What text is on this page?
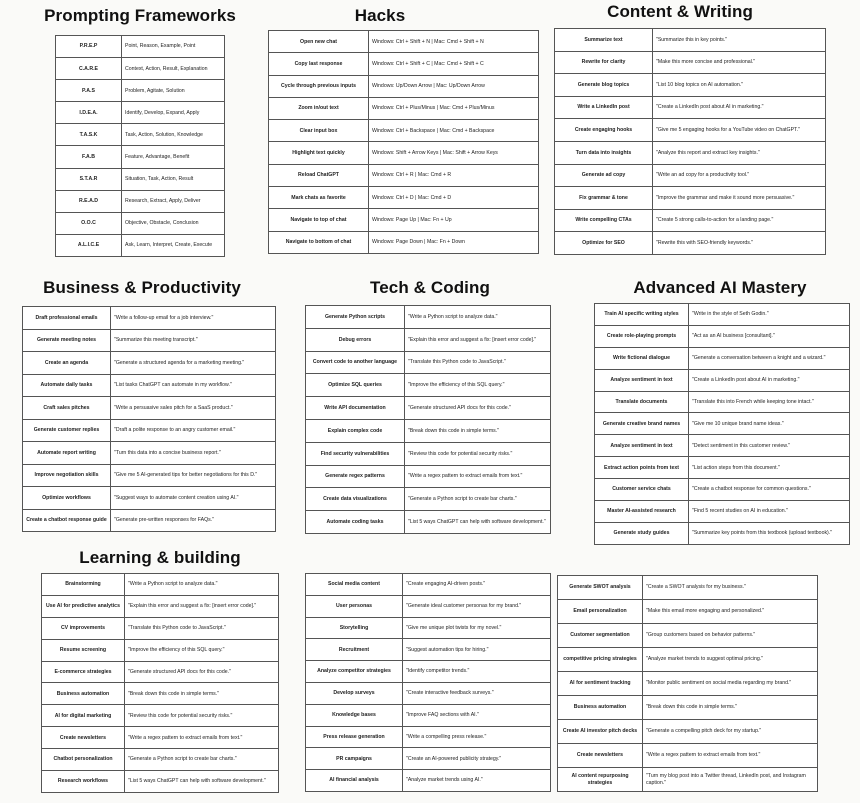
Prompting Frameworks	Hacks	Content & Writing
Business & Productivity	Tech & Coding	Advanced AI Mastery
Learning & building
P.R.E.P	Point, Reason, Example, Point
C.A.R.E	Context, Action, Result, Explanation
P.A.S	Problem, Agitate, Solution
I.D.E.A.	Identify, Develop, Expand, Apply
T.A.S.K	Task, Action, Solution, Knowledge
F.A.B	Feature, Advantage, Benefit
S.T.A.R	Situation, Task, Action, Result
R.E.A.D	Research, Extract, Apply, Deliver
O.O.C	Objective, Obstacle, Conclusion
A.L.I.C.E	Ask, Learn, Interpret, Create, Execute
Open new chat	Windows: Ctrl + Shift + N | Mac: Cmd + Shift + N
Copy last response	Windows: Ctrl + Shift + C | Mac: Cmd + Shift + C
Cycle through previous inputs	Windows: Up/Down Arrow | Mac: Up/Down Arrow
Zoom in/out text	Windows: Ctrl + Plus/Minus | Mac: Cmd + Plus/Minus
Clear input box	Windows: Ctrl + Backspace | Mac: Cmd + Backspace
Highlight text quickly	Windows: Shift + Arrow Keys | Mac: Shift + Arrow Keys
Reload ChatGPT	Windows: Ctrl + R | Mac: Cmd + R
Mark chats as favorite	Windows: Ctrl + D | Mac: Cmd + D
Navigate to top of chat	Windows: Page Up | Mac: Fn + Up
Navigate to bottom of chat	Windows: Page Down | Mac: Fn + Down
Summarize text	"Summarize this in key points."
Rewrite for clarity	"Make this more concise and professional."
Generate blog topics	"List 10 blog topics on AI automation."
Write a LinkedIn post	"Create a LinkedIn post about AI in marketing."
Create engaging hooks	"Give me 5 engaging hooks for a YouTube video on ChatGPT."
Turn data into insights	"Analyze this report and extract key insights."
Generate ad copy	"Write an ad copy for a productivity tool."
Fix grammar & tone	"Improve the grammar and make it sound more persuasive."
Write compelling CTAs	"Create 5 strong calls-to-action for a landing page."
Optimize for SEO	"Rewrite this with SEO-friendly keywords."
Draft professional emails	"Write a follow-up email for a job interview."
Generate meeting notes	"Summarize this meeting transcript."
Create an agenda	"Generate a structured agenda for a marketing meeting."
Automate daily tasks	"List tasks ChatGPT can automate in my workflow."
Craft sales pitches	"Write a persuasive sales pitch for a SaaS product."
Generate customer replies	"Draft a polite response to an angry customer email."
Automate report writing	"Turn this data into a concise business report."
Improve negotiation skills	"Give me 5 AI-generated tips for better negotiations for this D."
Optimize workflows	"Suggest ways to automate content creation using AI."
Create a chatbot response guide	"Generate pre-written responses for FAQs."
Generate Python scripts	"Write a Python script to analyze data."
Debug errors	"Explain this error and suggest a fix: [insert error code]."
Convert code to another language	"Translate this Python code to JavaScript."
Optimize SQL queries	"Improve the efficiency of this SQL query."
Write API documentation	"Generate structured API docs for this code."
Explain complex code	"Break down this code in simple terms."
Find security vulnerabilities	"Review this code for potential security risks."
Generate regex patterns	"Write a regex pattern to extract emails from text."
Create data visualizations	"Generate a Python script to create bar charts."
Automate coding tasks	"List 5 ways ChatGPT can help with software development."
Train AI specific writing styles	"Write in the style of Seth Godin."
Create role-playing prompts	"Act as an AI business [consultant]."
Write fictional dialogue	"Generate a conversation between a knight and a wizard."
Analyze sentiment in text	"Create a LinkedIn post about AI in marketing."
Translate documents	"Translate this into French while keeping tone intact."
Generate creative brand names	"Give me 10 unique brand name ideas."
Analyze sentiment in text	"Detect sentiment in this customer review."
Extract action points from text	"List action steps from this document."
Customer service chats	"Create a chatbot response for common questions."
Master AI-assisted research	"Find 5 recent studies on AI in education."
Generate study guides	"Summarize key points from this textbook (upload textbook)."
Brainstorming	"Write a Python script to analyze data."
Use AI for predictive analytics	"Explain this error and suggest a fix: [insert error code]."
CV improvements	"Translate this Python code to JavaScript."
Resume screening	"Improve the efficiency of this SQL query."
E-commerce strategies	"Generate structured API docs for this code."
Business automation	"Break down this code in simple terms."
AI for digital marketing	"Review this code for potential security risks."
Create newsletters	"Write a regex pattern to extract emails from text."
Chatbot personalization	"Generate a Python script to create bar charts."
Research workflows	"List 5 ways ChatGPT can help with software development."
Social media content	"Create engaging AI-driven posts."
User personas	"Generate ideal customer personas for my brand."
Storytelling	"Give me unique plot twists for my novel."
Recruitment	"Suggest automation tips for hiring."
Analyze competitor strategies	"Identify competitor trends."
Develop surveys	"Create interactive feedback surveys."
Knowledge bases	"Improve FAQ sections with AI."
Press release generation	"Write a compelling press release."
PR campaigns	"Create an AI-powered publicity strategy."
AI financial analysis	"Analyze market trends using AI."
Generate SWOT analysis	"Create a SWOT analysis for my business."
Email personalization	"Make this email more engaging and personalized."
Customer segmentation	"Group customers based on behavior patterns."
competitive pricing strategies	"Analyze market trends to suggest optimal pricing."
AI for sentiment tracking	"Monitor public sentiment on social media regarding my brand."
Business automation	"Break down this code in simple terms."
Create AI investor pitch decks	"Generate a compelling pitch deck for my startup."
Create newsletters	"Write a regex pattern to extract emails from text."
AI content repurposing strategies	"Turn my blog post into a Twitter thread, LinkedIn post, and Instagram caption."
